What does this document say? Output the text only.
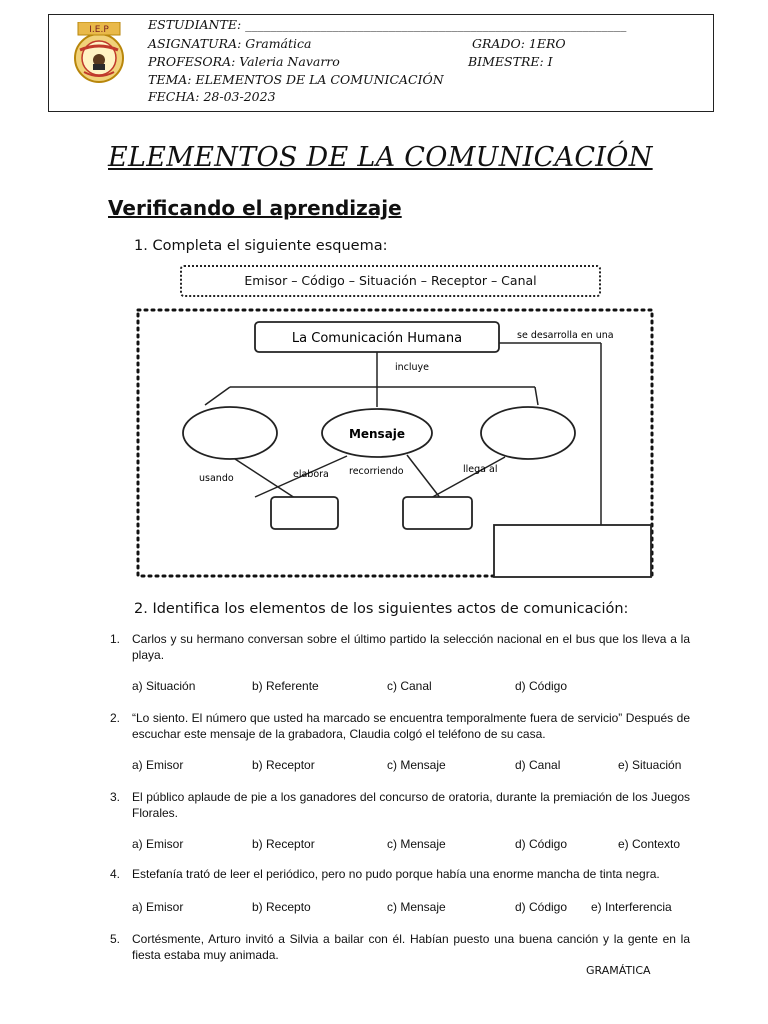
I.E.P	ESTUDIANTE: _____________________________________________________________
ASIGNATURA: Gramática	GRADO: 1ERO
PROFESORA: Valeria Navarro	BIMESTRE: I
TEMA: ELEMENTOS DE LA COMUNICACIÓN
FECHA: 28-03-2023
ELEMENTOS DE LA COMUNICACIÓN
Verificando el aprendizaje
1. Completa el siguiente esquema:
Emisor – Código – Situación – Receptor – Canal
La Comunicación Humana	se desarrolla en una
incluye
Mensaje
usando	elabora recorriendo	llega al
2. Identifica los elementos de los siguientes actos de comunicación:
1. Carlos y su hermano conversan sobre el último partido la selección nacional en el bus que los lleva a la playa.
a) Situación	b) Referente	c) Canal	d) Código
2. “Lo siento. El número que usted ha marcado se encuentra temporalmente fuera de servicio” Después de escuchar este mensaje de la grabadora, Claudia colgó el teléfono de su casa.
a) Emisor	b) Receptor	c) Mensaje	d) Canal	e) Situación
3. El público aplaude de pie a los ganadores del concurso de oratoria, durante la premiación de los Juegos Florales.
a) Emisor	b) Receptor	c) Mensaje	d) Código	e) Contexto
4. Estefanía trató de leer el periódico, pero no pudo porque había una enorme mancha de tinta negra.
a) Emisor	b) Recepto	c) Mensaje	d) Código e) Interferencia
5. Cortésmente, Arturo invitó a Silvia a bailar con él. Habían puesto una buena canción y la gente en la fiesta estaba muy animada.
GRAMÁTICA
